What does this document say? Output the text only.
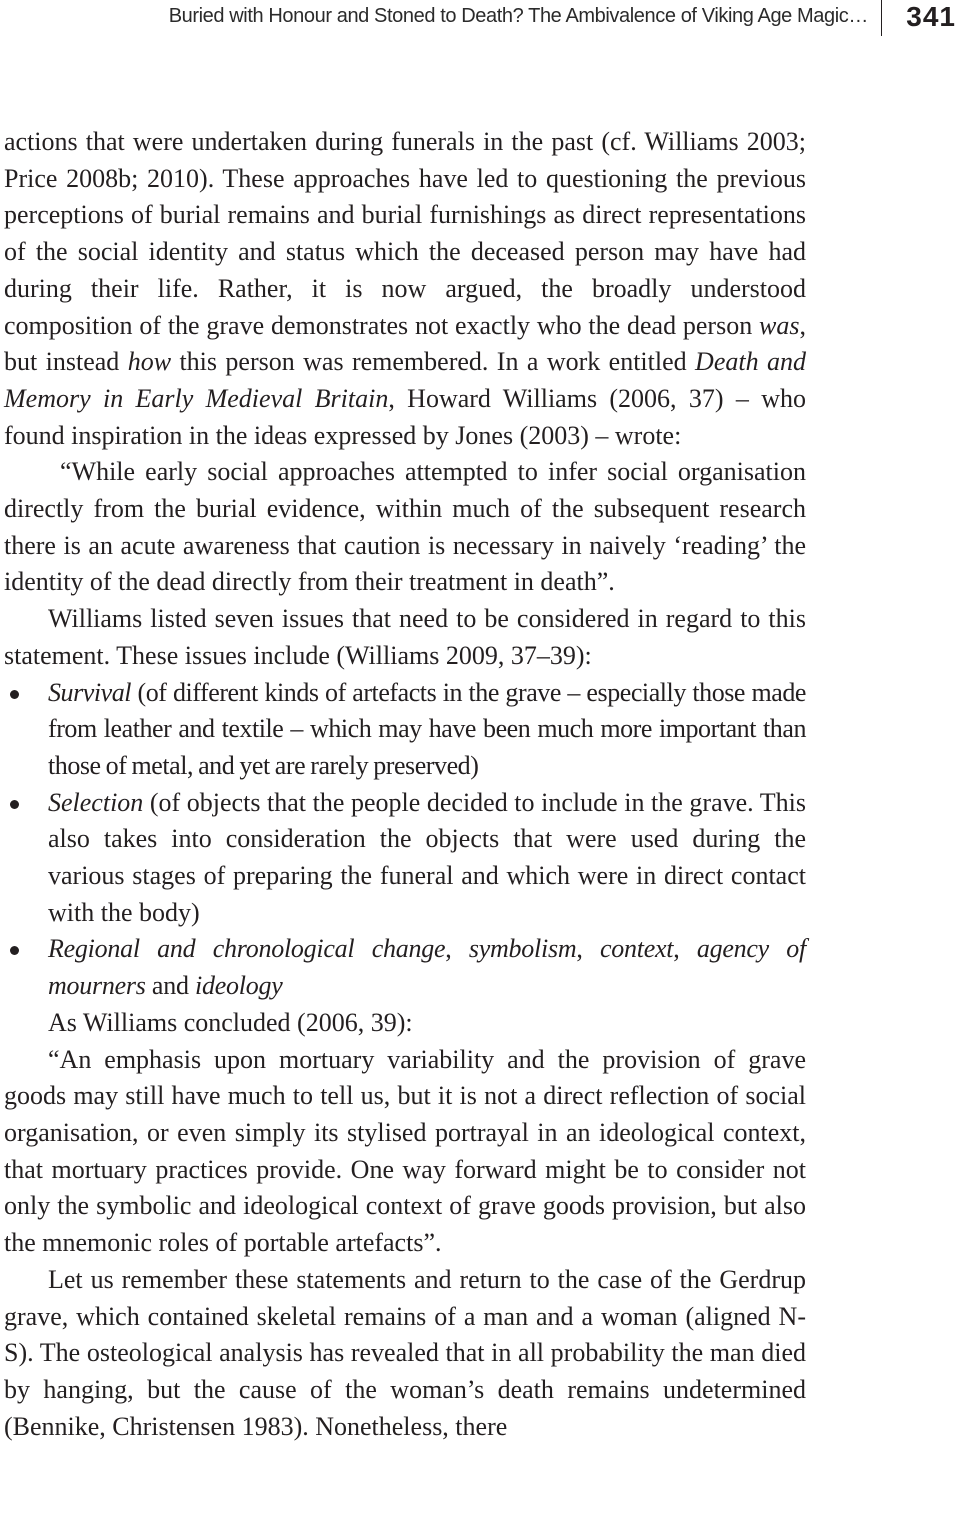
Buried with Honour and Stoned to Death? The Ambivalence of Viking Age Magic… 341

actions that were undertaken during funerals in the past (cf. Williams 2003; Price 2008b; 2010). These approaches have led to questioning the previous perceptions of burial remains and burial furnishings as direct representations of the social identity and status which the deceased person may have had during their life. Rather, it is now argued, the broadly understood composition of the grave demonstrates not exactly who the dead person was, but instead how this person was remembered. In a work entitled Death and Memory in Early Medieval Britain, Howard Williams (2006, 37) – who found inspiration in the ideas expressed by Jones (2003) – wrote:

“While early social approaches attempted to infer social organisation directly from the burial evidence, within much of the subsequent research there is an acute awareness that caution is necessary in naively ‘reading’ the identity of the dead directly from their treatment in death”.

Williams listed seven issues that need to be considered in regard to this statement. These issues include (Williams 2009, 37–39):

Survival (of different kinds of artefacts in the grave – especially those made from leather and textile – which may have been much more important than those of metal, and yet are rarely preserved)
Selection (of objects that the people decided to include in the grave. This also takes into consideration the objects that were used during the various stages of preparing the funeral and which were in direct contact with the body)
Regional and chronological change, symbolism, context, agency of mourners and ideology

As Williams concluded (2006, 39):

“An emphasis upon mortuary variability and the provision of grave goods may still have much to tell us, but it is not a direct reflection of social organisation, or even simply its stylised portrayal in an ideological context, that mortuary practices provide. One way forward might be to consider not only the symbolic and ideological context of grave goods provision, but also the mnemonic roles of portable artefacts”.

Let us remember these statements and return to the case of the Gerdrup grave, which contained skeletal remains of a man and a woman (aligned N-S). The osteological analysis has revealed that in all probability the man died by hanging, but the cause of the woman’s death remains undetermined (Bennike, Christensen 1983). Nonetheless, there
